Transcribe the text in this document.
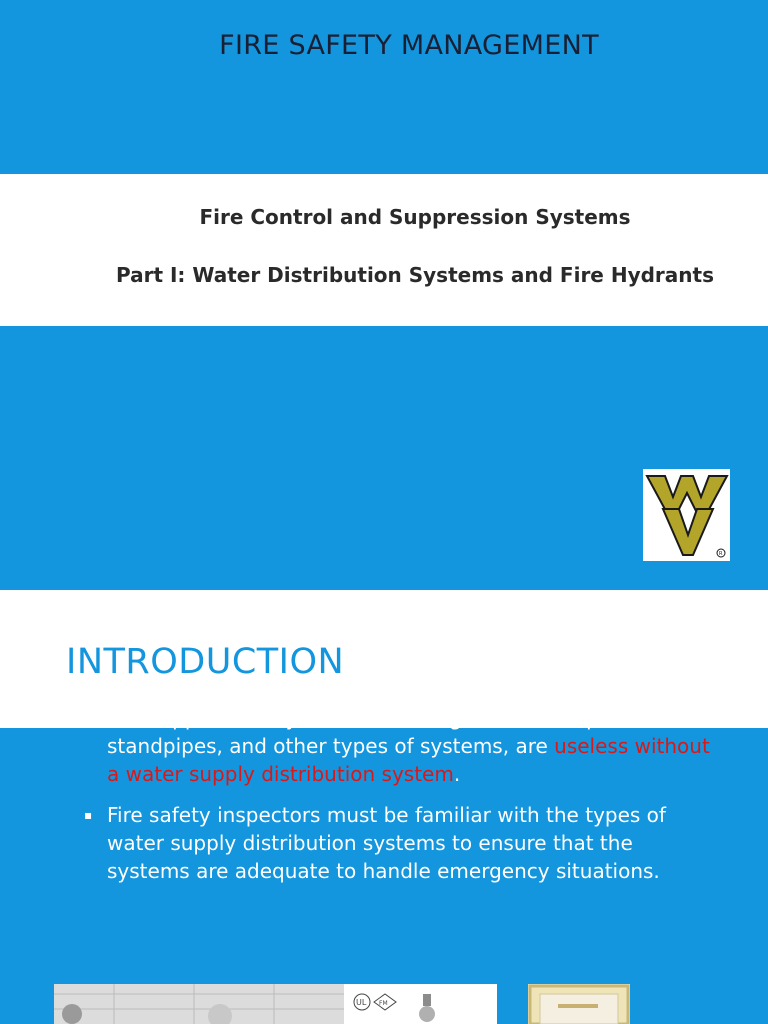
FIRE SAFETY MANAGEMENT
Fire Control and Suppression Systems
Part I: Water Distribution Systems and Fire Hydrants
R
INTRODUCTION
standpipes, and other types of systems, are useless without a water supply distribution system.
▪ Fire safety inspectors must be familiar with the types of water supply distribution systems to ensure that the systems are adequate to handle emergency situations.
UL FM
